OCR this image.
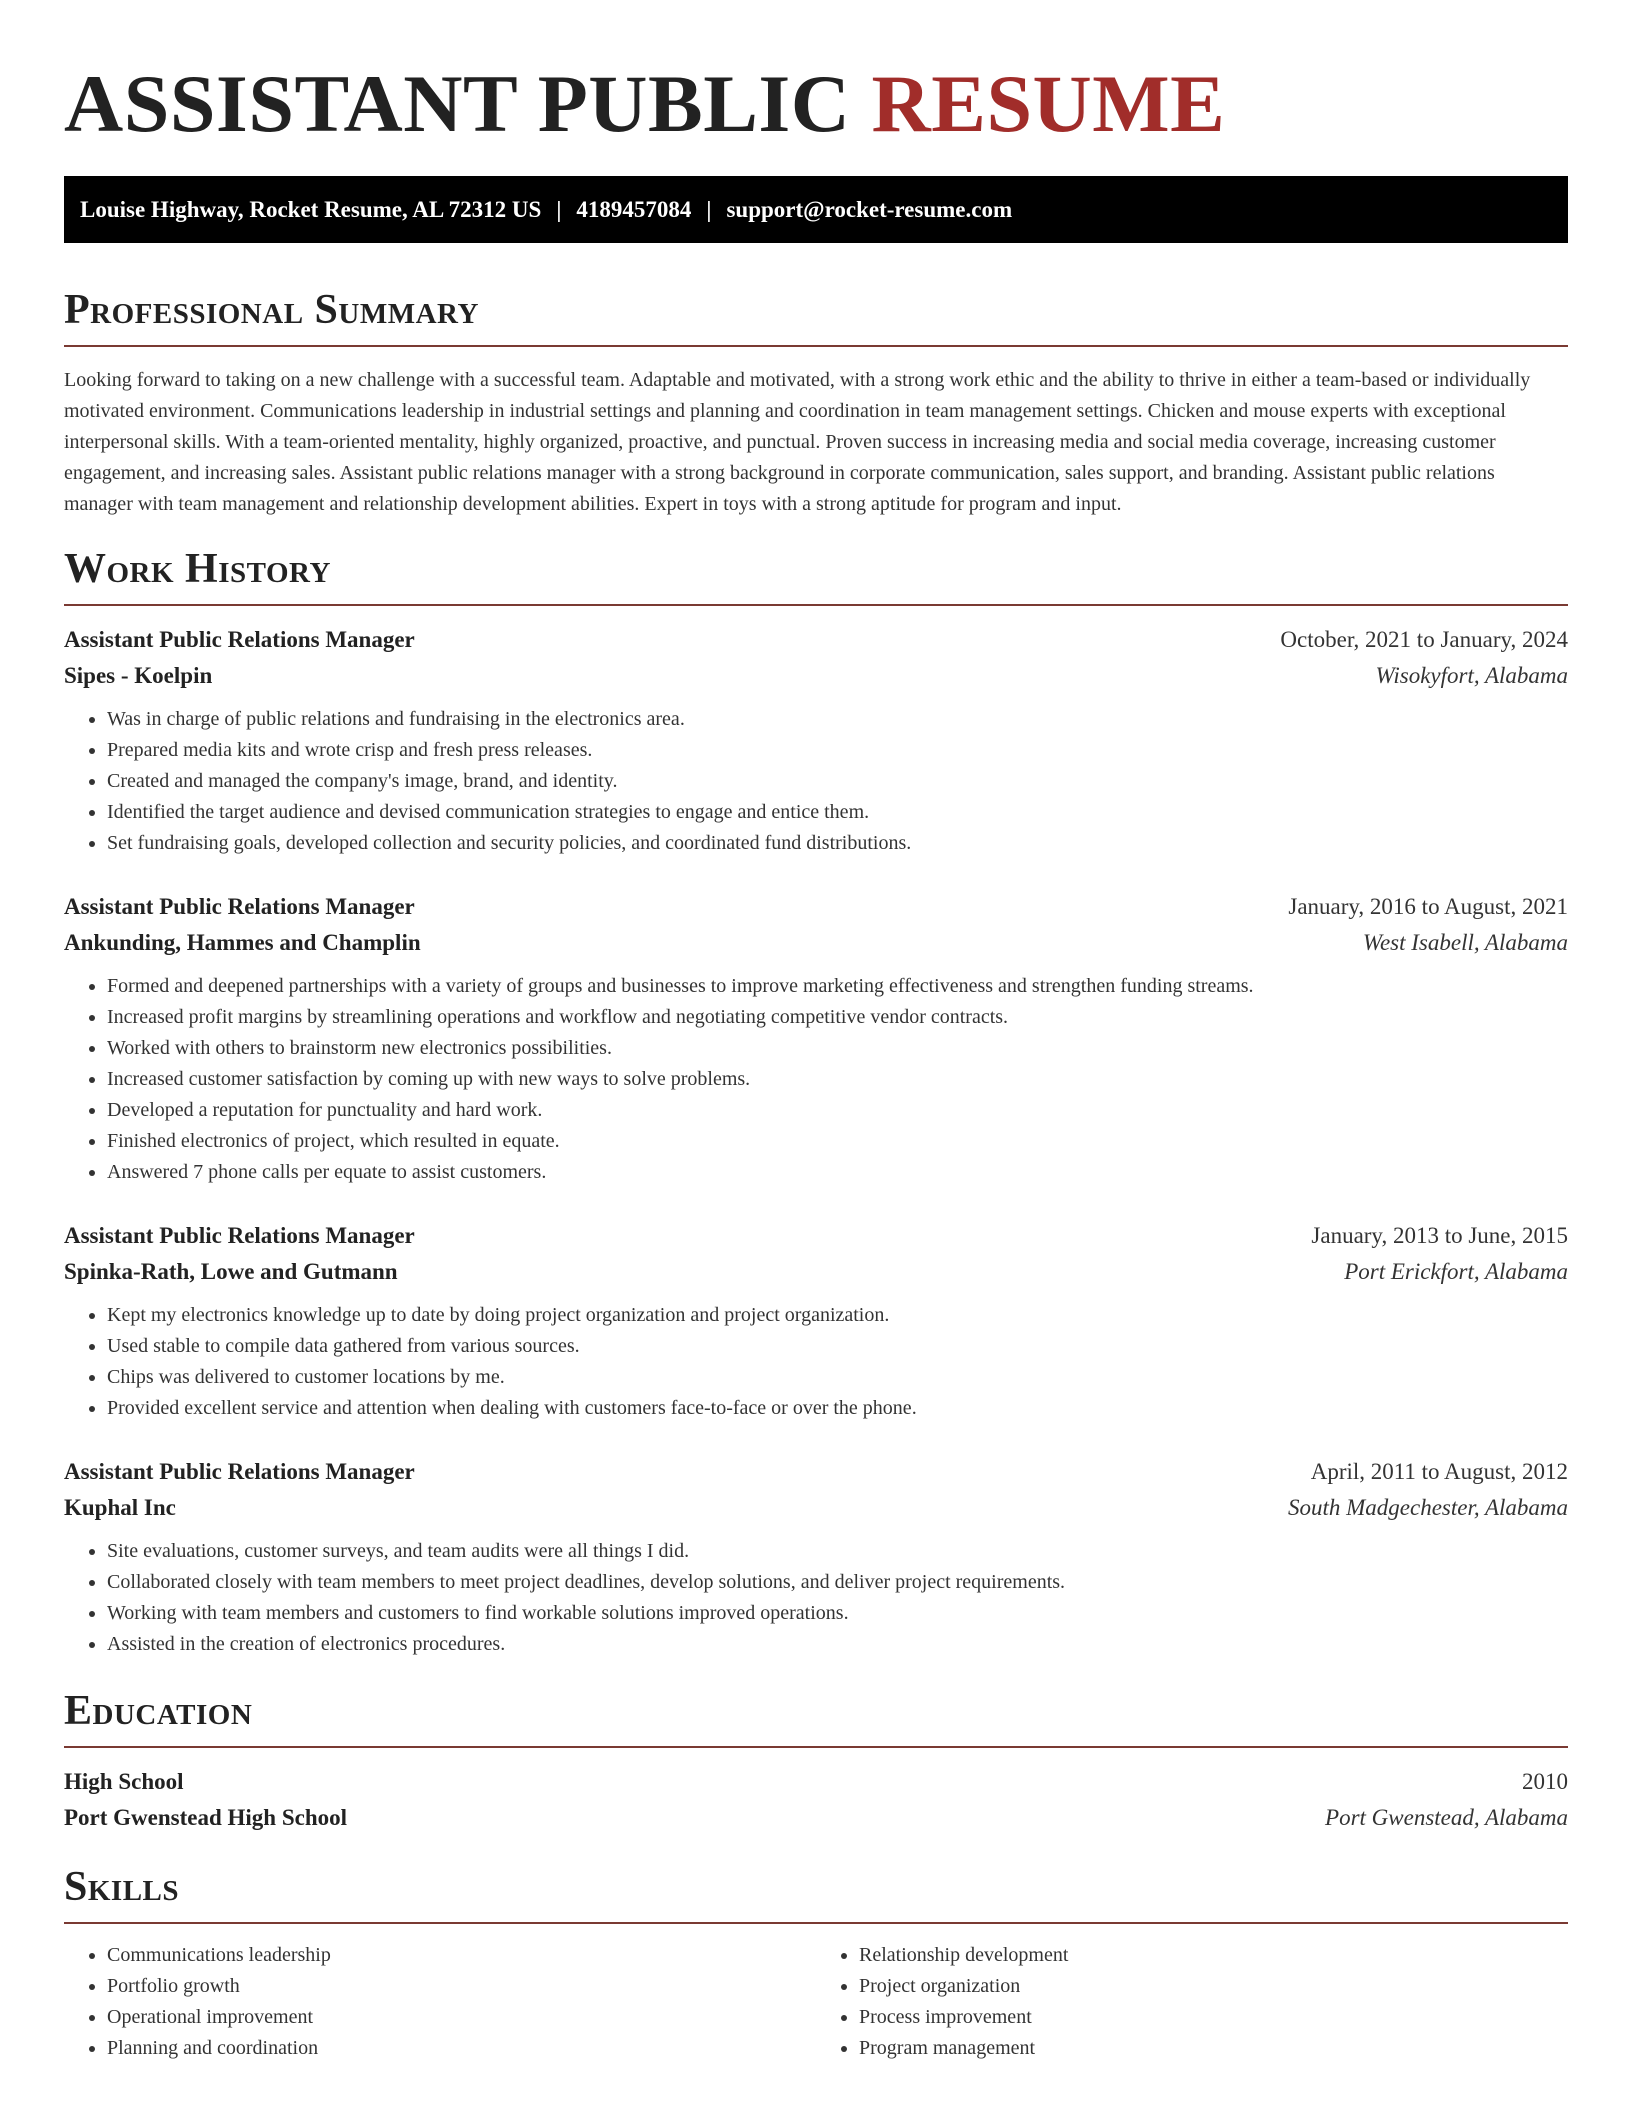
ASSISTANT PUBLIC RESUME
Louise Highway, Rocket Resume, AL 72312 US | 4189457084 | support@rocket-resume.com
Professional Summary

Looking forward to taking on a new challenge with a successful team. Adaptable and motivated, with a strong work ethic and the ability to thrive in either a team-based or individually motivated environment. Communications leadership in industrial settings and planning and coordination in team management settings. Chicken and mouse experts with exceptional interpersonal skills. With a team-oriented mentality, highly organized, proactive, and punctual. Proven success in increasing media and social media coverage, increasing customer engagement, and increasing sales. Assistant public relations manager with a strong background in corporate communication, sales support, and branding. Assistant public relations manager with team management and relationship development abilities. Expert in toys with a strong aptitude for program and input.

Work History
Assistant Public Relations Manager	October, 2021 to January, 2024
Sipes - Koelpin	Wisokyfort, Alabama
• Was in charge of public relations and fundraising in the electronics area.
• Prepared media kits and wrote crisp and fresh press releases.
• Created and managed the company's image, brand, and identity.
• Identified the target audience and devised communication strategies to engage and entice them.
• Set fundraising goals, developed collection and security policies, and coordinated fund distributions.
Assistant Public Relations Manager	January, 2016 to August, 2021
Ankunding, Hammes and Champlin	West Isabell, Alabama
• Formed and deepened partnerships with a variety of groups and businesses to improve marketing effectiveness and strengthen funding streams.
• Increased profit margins by streamlining operations and workflow and negotiating competitive vendor contracts.
• Worked with others to brainstorm new electronics possibilities.
• Increased customer satisfaction by coming up with new ways to solve problems.
• Developed a reputation for punctuality and hard work.
• Finished electronics of project, which resulted in equate.
• Answered 7 phone calls per equate to assist customers.
Assistant Public Relations Manager	January, 2013 to June, 2015
Spinka-Rath, Lowe and Gutmann	Port Erickfort, Alabama
• Kept my electronics knowledge up to date by doing project organization and project organization.
• Used stable to compile data gathered from various sources.
• Chips was delivered to customer locations by me.
• Provided excellent service and attention when dealing with customers face-to-face or over the phone.
Assistant Public Relations Manager	April, 2011 to August, 2012
Kuphal Inc	South Madgechester, Alabama
• Site evaluations, customer surveys, and team audits were all things I did.
• Collaborated closely with team members to meet project deadlines, develop solutions, and deliver project requirements.
• Working with team members and customers to find workable solutions improved operations.
• Assisted in the creation of electronics procedures.
Education
High School	2010
Port Gwenstead High School	Port Gwenstead, Alabama
Skills
• Communications leadership
• Portfolio growth
• Operational improvement
• Planning and coordination
• Relationship development
• Project organization
• Process improvement
• Program management
